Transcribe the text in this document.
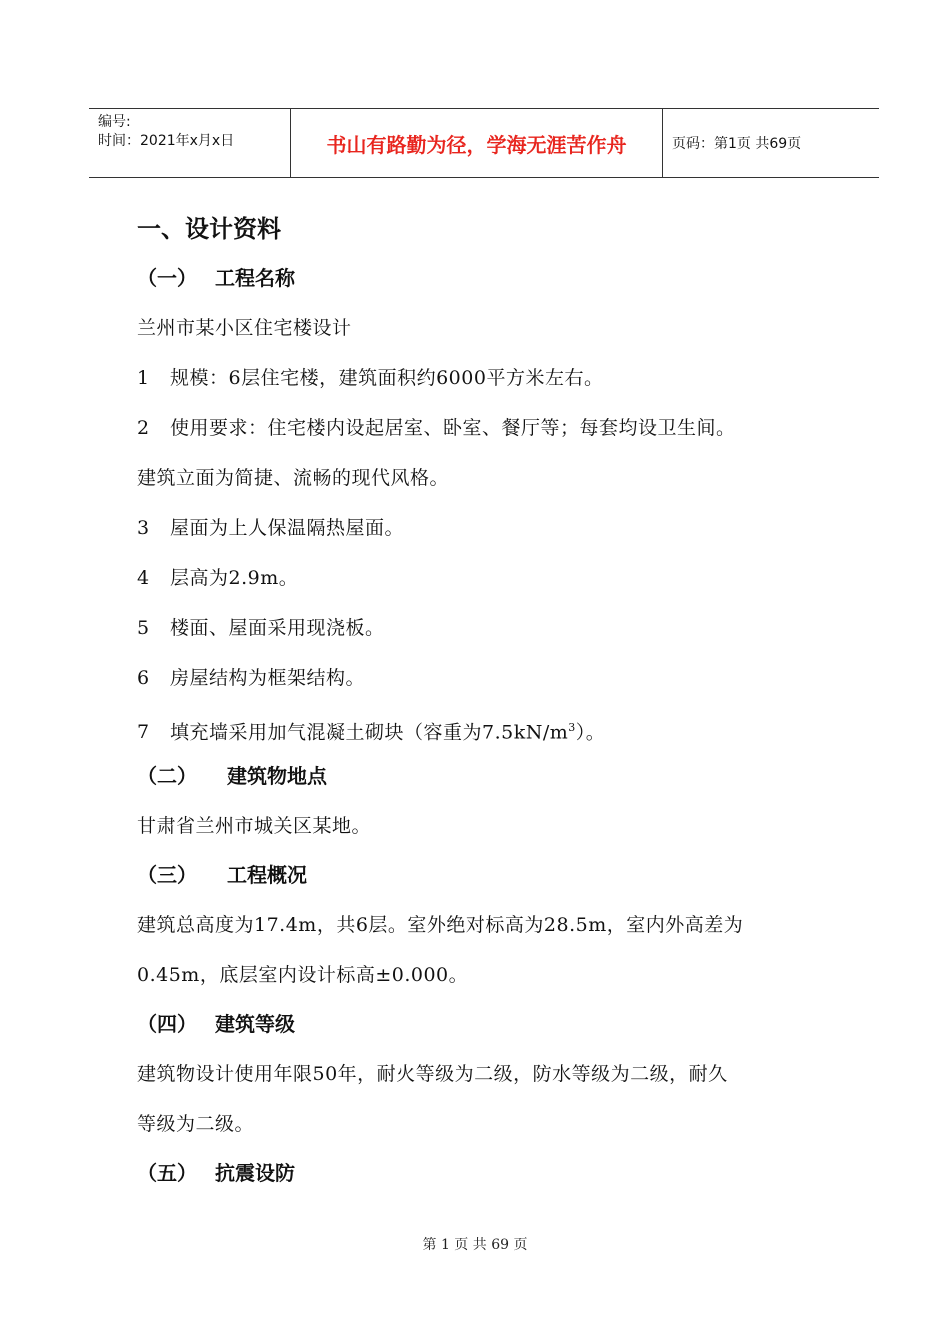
编号:
时间：2021年x月x日	书山有路勤为径，学海无涯苦作舟	页码：第1页 共69页
一、设计资料
（一） 工程名称
兰州市某小区住宅楼设计
1 规模：6层住宅楼，建筑面积约6000平方米左右。
2 使用要求：住宅楼内设起居室、卧室、餐厅等；每套均设卫生间。
建筑立面为简捷、流畅的现代风格。
3 屋面为上人保温隔热屋面。
4 层高为2.9m。
5 楼面、屋面采用现浇板。
6 房屋结构为框架结构。
7 填充墙采用加气混凝土砌块（容重为$7.5kN/m^3$）。
（二） 建筑物地点
甘肃省兰州市城关区某地。
（三） 工程概况
建筑总高度为17.4m，共6层。室外绝对标高为28.5m，室内外高差为
0.45m，底层室内设计标高±0.000。
（四） 建筑等级
建筑物设计使用年限50年，耐火等级为二级，防水等级为二级，耐久
等级为二级。
（五） 抗震设防
第 1 页 共 69 页
